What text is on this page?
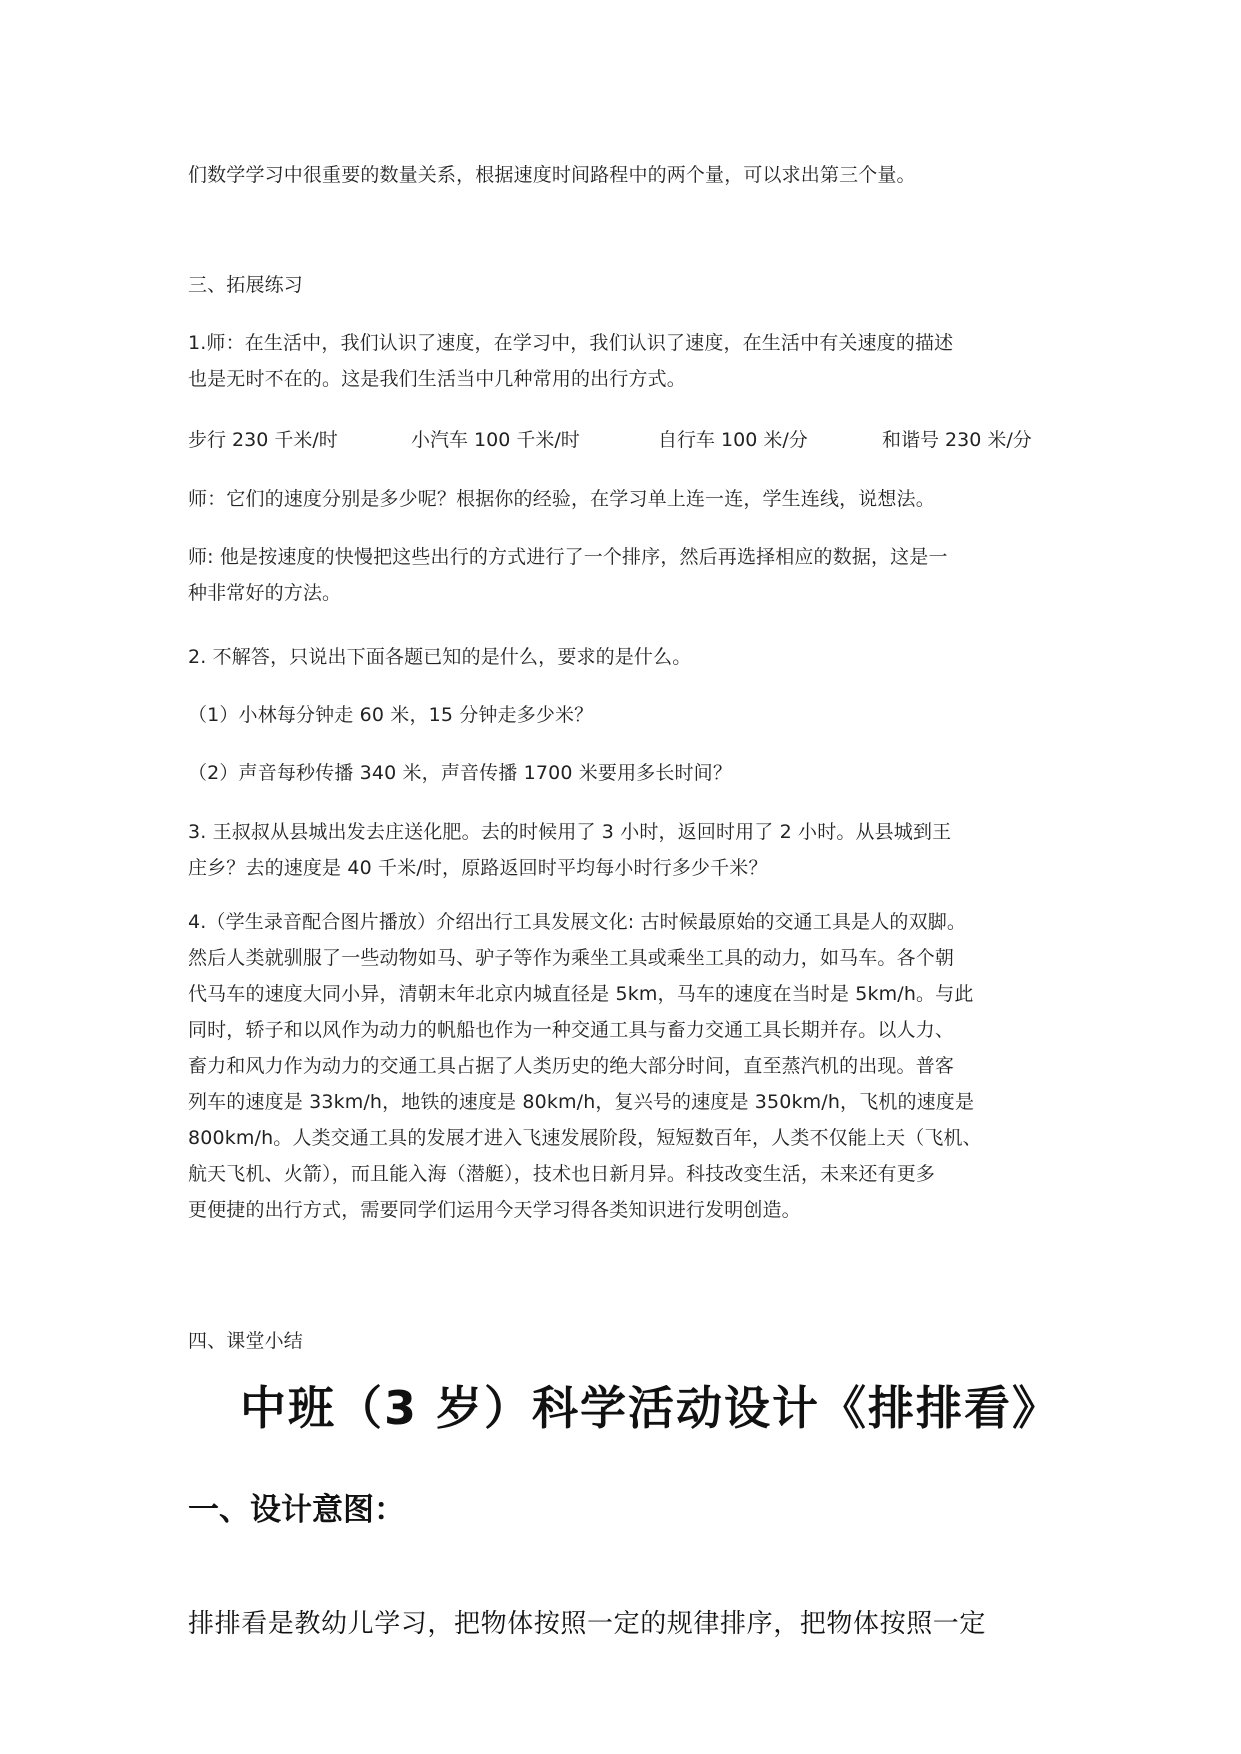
们数学学习中很重要的数量关系，根据速度时间路程中的两个量，可以求出第三个量。

三、拓展练习

1.师：在生活中，我们认识了速度，在学习中，我们认识了速度，在生活中有关速度的描述
也是无时不在的。这是我们生活当中几种常用的出行方式。
步行 230 千米/时	小汽车 100 千米/时	自行车 100 米/分	和谐号 230 米/分

师：它们的速度分别是多少呢？根据你的经验，在学习单上连一连，学生连线，说想法。

师: 他是按速度的快慢把这些出行的方式进行了一个排序，然后再选择相应的数据，这是一
种非常好的方法。

2. 不解答，只说出下面各题已知的是什么，要求的是什么。

（1）小林每分钟走 60 米，15 分钟走多少米？

（2）声音每秒传播 340 米，声音传播 1700 米要用多长时间？

3. 王叔叔从县城出发去庄送化肥。去的时候用了 3 小时，返回时用了 2 小时。从县城到王
庄乡？去的速度是 40 千米/时，原路返回时平均每小时行多少千米？
4.（学生录音配合图片播放）介绍出行工具发展文化: 古时候最原始的交通工具是人的双脚。
然后人类就驯服了一些动物如马、驴子等作为乘坐工具或乘坐工具的动力，如马车。各个朝
代马车的速度大同小异，清朝末年北京内城直径是 5km，马车的速度在当时是 5km/h。与此
同时，轿子和以风作为动力的帆船也作为一种交通工具与畜力交通工具长期并存。以人力、
畜力和风力作为动力的交通工具占据了人类历史的绝大部分时间，直至蒸汽机的出现。普客
列车的速度是 33km/h，地铁的速度是 80km/h，复兴号的速度是 350km/h，飞机的速度是
800km/h。人类交通工具的发展才进入飞速发展阶段，短短数百年，人类不仅能上天（飞机、
航天飞机、火箭），而且能入海（潜艇），技术也日新月异。科技改变生活，未来还有更多
更便捷的出行方式，需要同学们运用今天学习得各类知识进行发明创造。

四、课堂小结

中班（3 岁）科学活动设计《排排看》
一、设计意图：

排排看是教幼儿学习，把物体按照一定的规律排序，把物体按照一定
